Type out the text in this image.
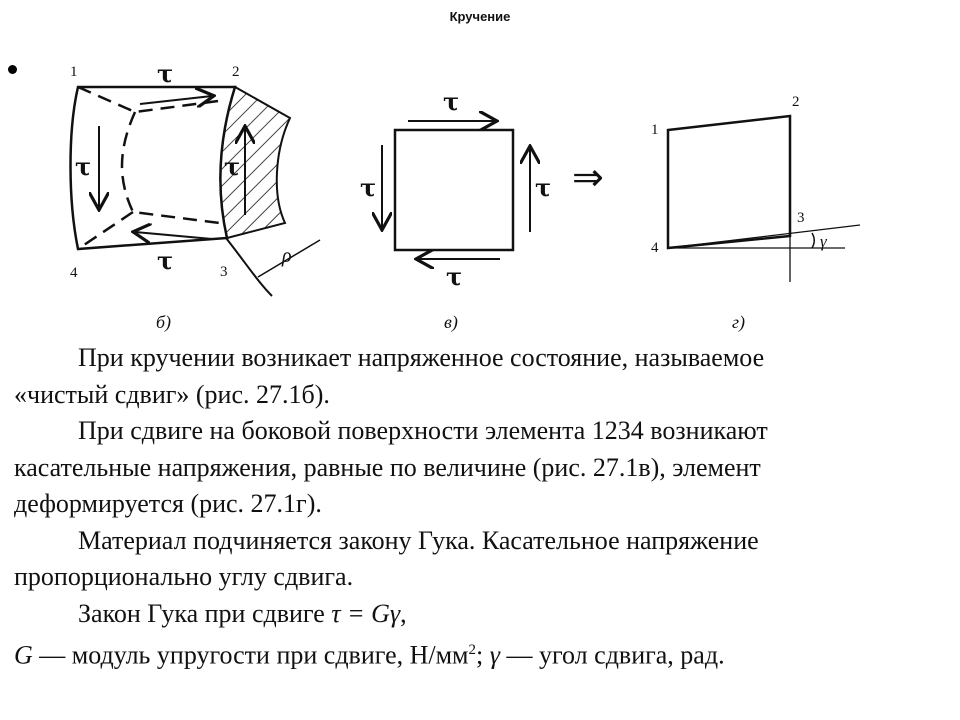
Кручение
1	2
3
4
τ
τ
τ	τ
ρ
б)
τ
τ
τ	τ ⇒
в)
1
2
3
4	γ
г)

При кручении возникает напряженное состояние, называемое

«чистый сдвиг» (рис. 27.1б).

При сдвиге на боковой поверхности элемента 1234 возникают

касательные напряжения, равные по величине (рис. 27.1в), элемент

деформируется (рис. 27.1г).

Материал подчиняется закону Гука. Касательное напряжение

пропорционально углу сдвига.

Закон Гука при сдвиге τ = Gγ,

G — модуль упругости при сдвиге, $Н/мм^2$; γ — угол сдвига, рад.
